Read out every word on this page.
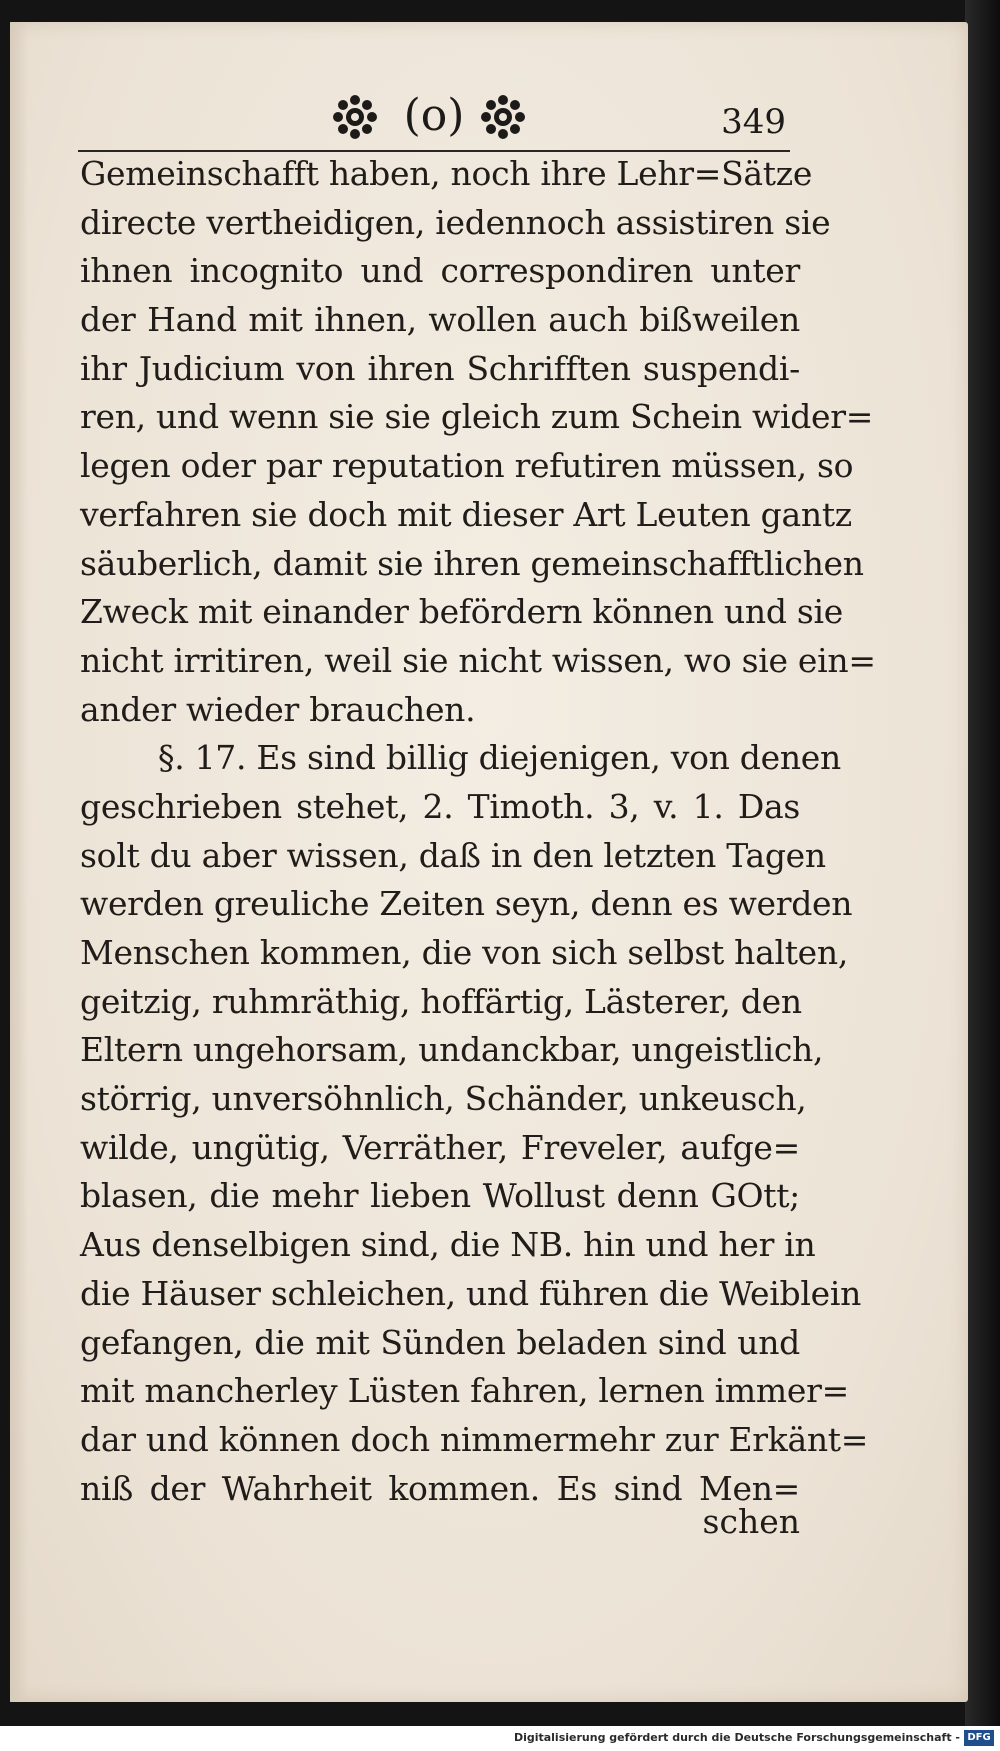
(o)	349
Gemeinschafft haben, noch ihre Lehr=Sätze
directe vertheidigen, iedennoch assistiren sie
ihnen incognito und correspondiren unter
der Hand mit ihnen, wollen auch bißweilen
ihr Judicium von ihren Schrifften suspendi-
ren, und wenn sie sie gleich zum Schein wider=
legen oder par reputation refutiren müssen, so
verfahren sie doch mit dieser Art Leuten gantz
säuberlich, damit sie ihren gemeinschafftlichen
Zweck mit einander befördern können und sie
nicht irritiren, weil sie nicht wissen, wo sie ein=
ander wieder brauchen.
§. 17. Es sind billig diejenigen, von denen
geschrieben stehet, 2. Timoth. 3, v. 1. Das
solt du aber wissen, daß in den letzten Tagen
werden greuliche Zeiten seyn, denn es werden
Menschen kommen, die von sich selbst halten,
geitzig, ruhmräthig, hoffärtig, Lästerer, den
Eltern ungehorsam, undanckbar, ungeistlich,
störrig, unversöhnlich, Schänder, unkeusch,
wilde, ungütig, Verräther, Freveler, aufge=
blasen, die mehr lieben Wollust denn GOtt;
Aus denselbigen sind, die NB. hin und her in
die Häuser schleichen, und führen die Weiblein
gefangen, die mit Sünden beladen sind und
mit mancherley Lüsten fahren, lernen immer=
dar und können doch nimmermehr zur Erkänt=
niß der Wahrheit kommen. Es sind Men=
schen
Digitalisierung gefördert durch die Deutsche Forschungsgemeinschaft - DFG
